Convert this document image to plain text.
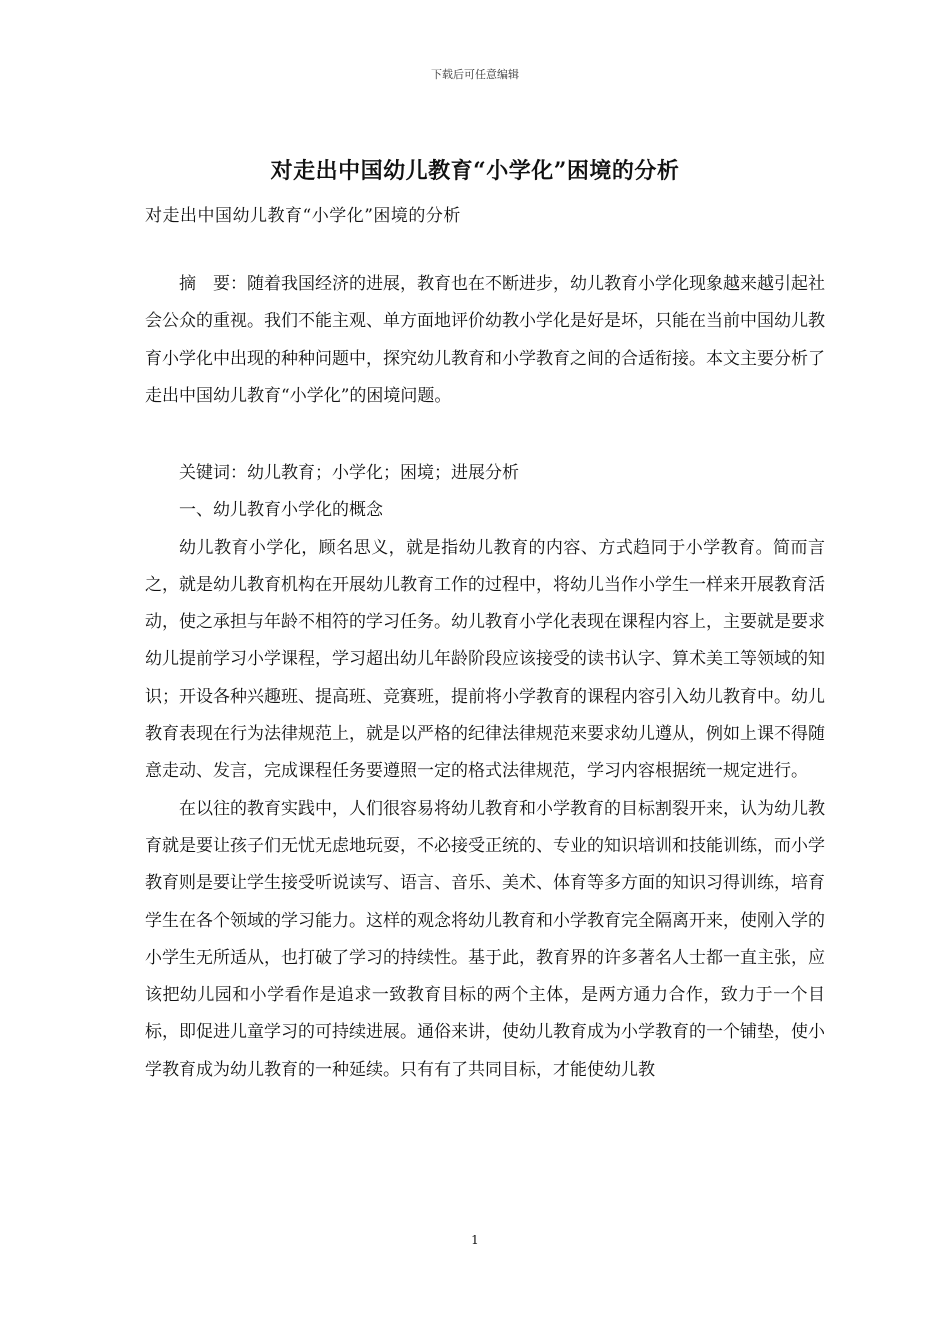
下载后可任意编辑
对走出中国幼儿教育“小学化”困境的分析
对走出中国幼儿教育“小学化”困境的分析

摘　要：随着我国经济的进展，教育也在不断进步，幼儿教育小学化现象越来越引起社会公众的重视。我们不能主观、单方面地评价幼教小学化是好是坏，只能在当前中国幼儿教育小学化中出现的种种问题中，探究幼儿教育和小学教育之间的合适衔接。本文主要分析了走出中国幼儿教育“小学化”的困境问题。

关键词：幼儿教育；小学化；困境；进展分析

一、幼儿教育小学化的概念

幼儿教育小学化，顾名思义，就是指幼儿教育的内容、方式趋同于小学教育。简而言之，就是幼儿教育机构在开展幼儿教育工作的过程中，将幼儿当作小学生一样来开展教育活动，使之承担与年龄不相符的学习任务。幼儿教育小学化表现在课程内容上，主要就是要求幼儿提前学习小学课程，学习超出幼儿年龄阶段应该接受的读书认字、算术美工等领域的知识；开设各种兴趣班、提高班、竞赛班，提前将小学教育的课程内容引入幼儿教育中。幼儿教育表现在行为法律规范上，就是以严格的纪律法律规范来要求幼儿遵从，例如上课不得随意走动、发言，完成课程任务要遵照一定的格式法律规范，学习内容根据统一规定进行。

在以往的教育实践中，人们很容易将幼儿教育和小学教育的目标割裂开来，认为幼儿教育就是要让孩子们无忧无虑地玩耍，不必接受正统的、专业的知识培训和技能训练，而小学教育则是要让学生接受听说读写、语言、音乐、美术、体育等多方面的知识习得训练，培育学生在各个领域的学习能力。这样的观念将幼儿教育和小学教育完全隔离开来，使刚入学的小学生无所适从，也打破了学习的持续性。基于此，教育界的许多著名人士都一直主张，应该把幼儿园和小学看作是追求一致教育目标的两个主体，是两方通力合作，致力于一个目标，即促进儿童学习的可持续进展。通俗来讲，使幼儿教育成为小学教育的一个铺垫，使小学教育成为幼儿教育的一种延续。只有有了共同目标，才能使幼儿教

1
